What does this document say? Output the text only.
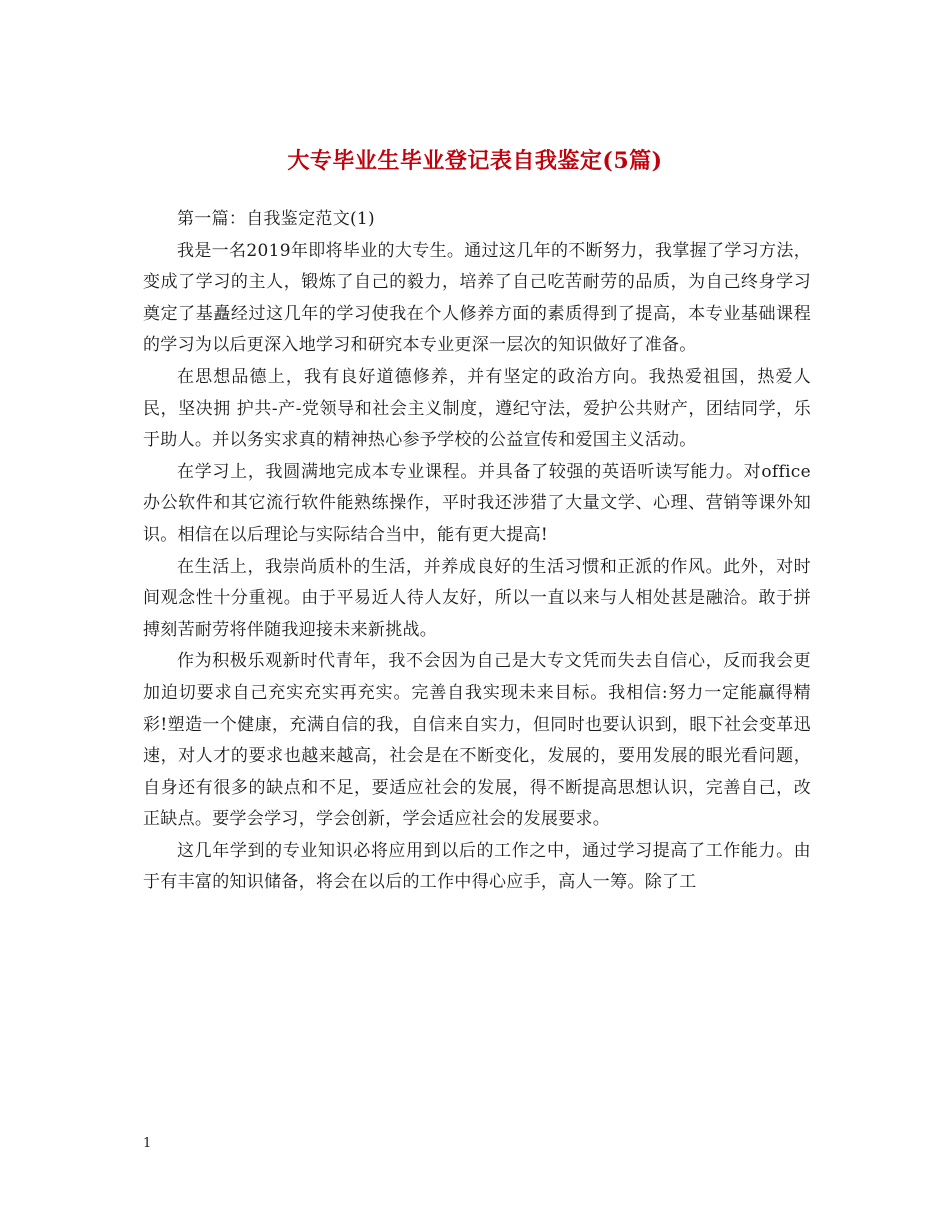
大专毕业生毕业登记表自我鉴定(5篇)

第一篇：自我鉴定范文(1)

我是一名2019年即将毕业的大专生。通过这几年的不断努力，我掌握了学习方法，变成了学习的主人，锻炼了自己的毅力，培养了自己吃苦耐劳的品质，为自己终身学习奠定了基矗经过这几年的学习使我在个人修养方面的素质得到了提高，本专业基础课程的学习为以后更深入地学习和研究本专业更深一层次的知识做好了准备。

在思想品德上，我有良好道德修养，并有坚定的政治方向。我热爱祖国，热爱人民，坚决拥 护共-产-党领导和社会主义制度，遵纪守法，爱护公共财产，团结同学，乐于助人。并以务实求真的精神热心参予学校的公益宣传和爱国主义活动。

在学习上，我圆满地完成本专业课程。并具备了较强的英语听读写能力。对office办公软件和其它流行软件能熟练操作，平时我还涉猎了大量文学、心理、营销等课外知识。相信在以后理论与实际结合当中，能有更大提高!

在生活上，我崇尚质朴的生活，并养成良好的生活习惯和正派的作风。此外，对时间观念性十分重视。由于平易近人待人友好，所以一直以来与人相处甚是融洽。敢于拼搏刻苦耐劳将伴随我迎接未来新挑战。

作为积极乐观新时代青年，我不会因为自己是大专文凭而失去自信心，反而我会更加迫切要求自己充实充实再充实。完善自我实现未来目标。我相信:努力一定能赢得精彩!塑造一个健康，充满自信的我，自信来自实力，但同时也要认识到，眼下社会变革迅速，对人才的要求也越来越高，社会是在不断变化，发展的，要用发展的眼光看问题，自身还有很多的缺点和不足，要适应社会的发展，得不断提高思想认识，完善自己，改正缺点。要学会学习，学会创新，学会适应社会的发展要求。

这几年学到的专业知识必将应用到以后的工作之中，通过学习提高了工作能力。由于有丰富的知识储备，将会在以后的工作中得心应手，高人一筹。除了工

1
